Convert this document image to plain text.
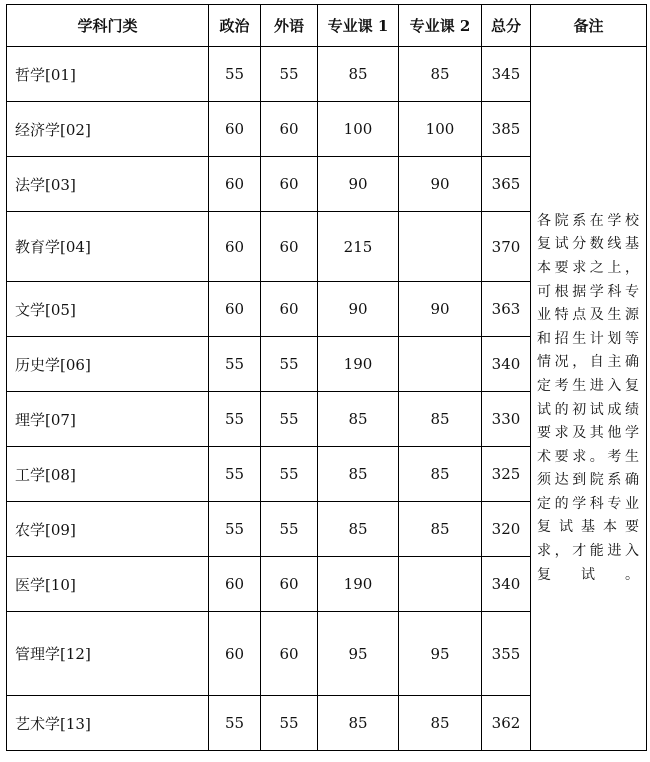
学科门类	政治	外语	专业课 1	专业课 2	总分	备注
哲学[01]	55	55	85	85	345	各院系在学校复试分数线基本要求之上，可根据学科专业特点及生源和招生计划等情况，自主确定考生进入复试的初试成绩要求及其他学术要求。考生须达到院系确定的学科专业复试基本要求，才能进入复试。

经济学[02]	60	60	100	100	385	
法学[03]	60	60	90	90	365	
教育学[04]	60	60	215		370	
文学[05]	60	60	90	90	363	
历史学[06]	55	55	190		340	
理学[07]	55	55	85	85	330	
工学[08]	55	55	85	85	325	
农学[09]	55	55	85	85	320	
医学[10]	60	60	190		340	
管理学[12]	60	60	95	95	355	
艺术学[13]	55	55	85	85	362	
